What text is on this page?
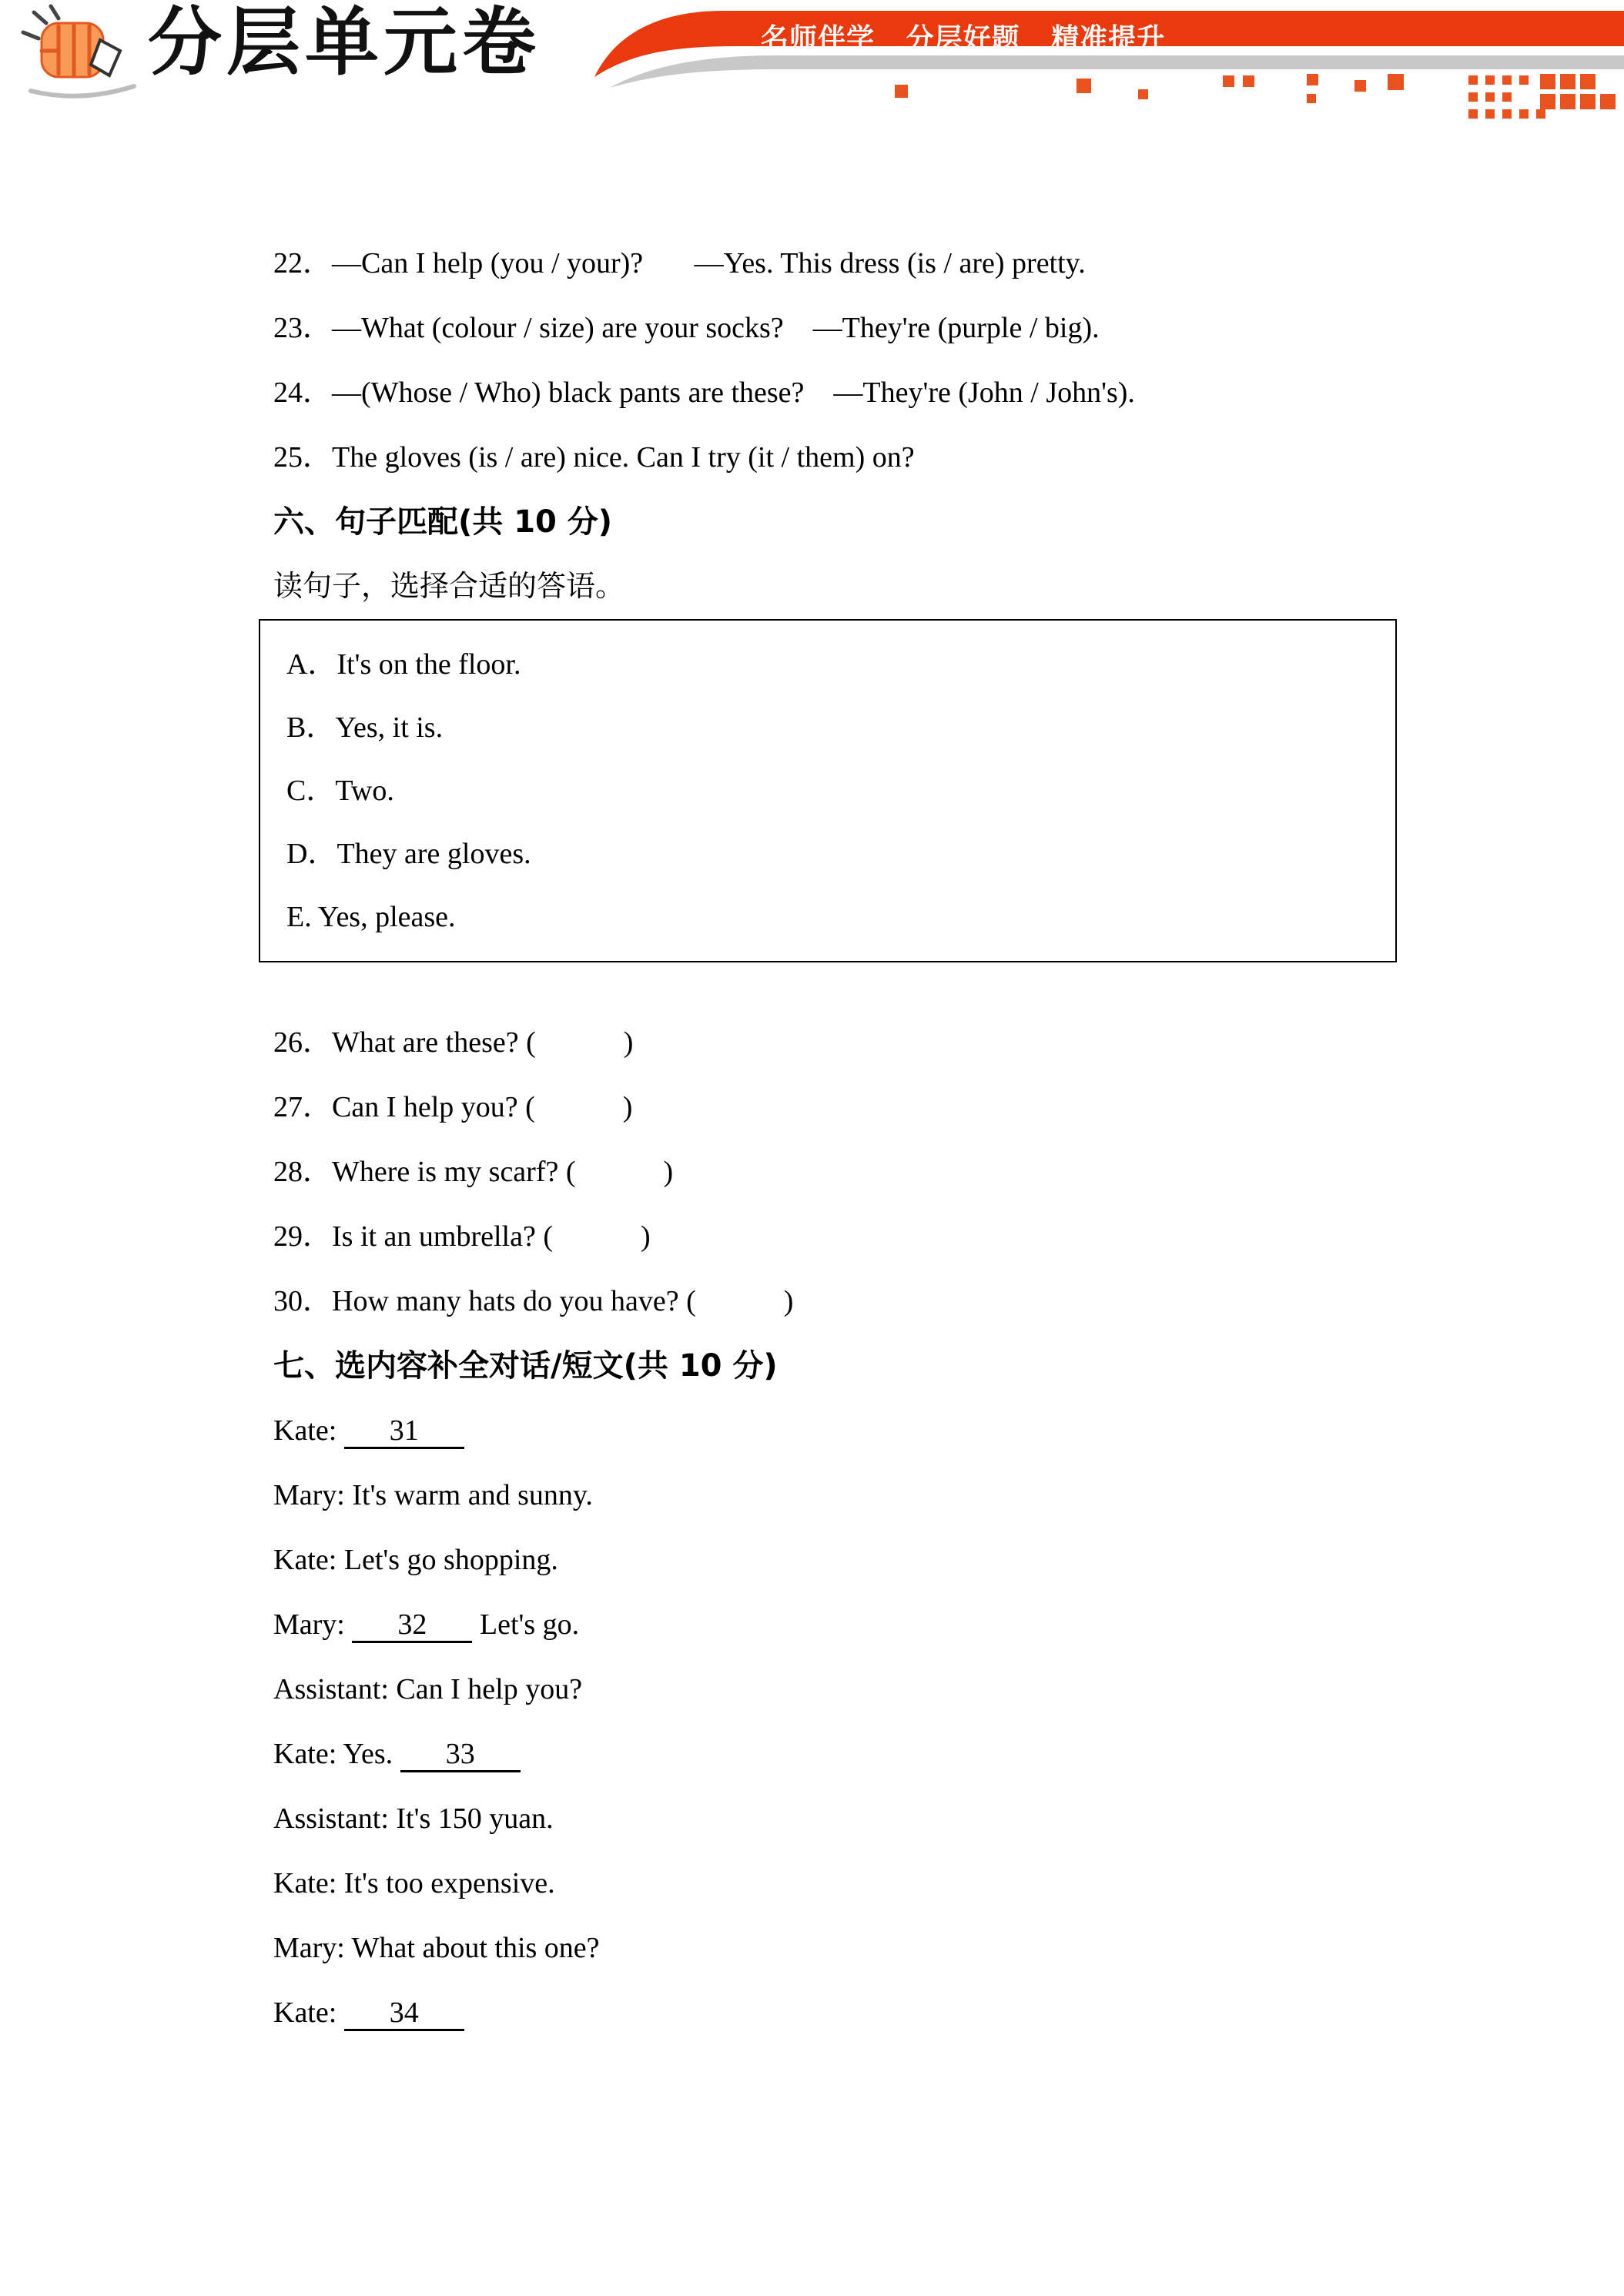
分层单元卷	名师伴学   分层好题   精准提升

22．—Can I help (you / your)?       —Yes. This dress (is / are) pretty.

23．—What (colour / size) are your socks?    —They're (purple / big).

24．—(Whose / Who) black pants are these?    —They're (John / John's).

25．The gloves (is / are) nice. Can I try (it / them) on?

六、句子匹配(共 10 分)

读句子，选择合适的答语。

A．It's on the floor.

B．Yes, it is.

C．Two.

D．They are gloves.

E. Yes, please.

26．What are these? (            )

27．Can I help you? (            )

28．Where is my scarf? (            )

29．Is it an umbrella? (            )

30．How many hats do you have? (            )

七、选内容补全对话/短文(共 10 分)

Kate: 31

Mary: It's warm and sunny.

Kate: Let's go shopping.

Mary: 32 Let's go.

Assistant: Can I help you?

Kate: Yes. 33

Assistant: It's 150 yuan.

Kate: It's too expensive.

Mary: What about this one?

Kate: 34
